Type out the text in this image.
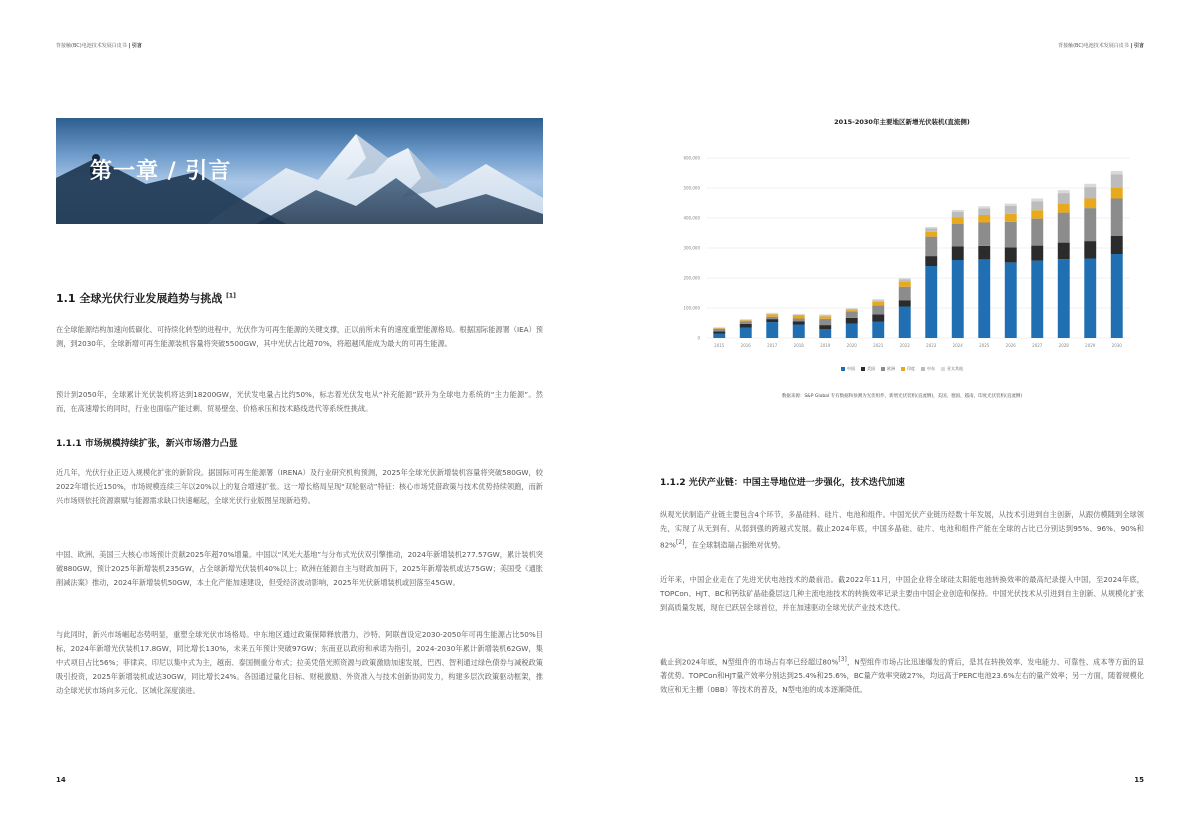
背接触(BC)电池技术发展白皮书 | 引言	背接触(BC)电池技术发展白皮书 | 引言
第一章 / 引言
1.1 全球光伏行业发展趋势与挑战 [1]

在全球能源结构加速向低碳化、可持续化转型的进程中，光伏作为可再生能源的关键支撑，正以前所未有的速度重塑能源格局。根据国际能源署（IEA）预测，到2030年，全球新增可再生能源装机容量将突破5500GW，其中光伏占比超70%，将超越风能成为最大的可再生能源。

预计到2050年，全球累计光伏装机将达到18200GW，光伏发电量占比约50%，标志着光伏发电从“补充能源”跃升为全球电力系统的“主力能源”。然而，在高速增长的同时，行业也面临产能过剩、贸易壁垒、价格承压和技术路线迭代等系统性挑战。

1.1.1 市场规模持续扩张，新兴市场潜力凸显

近几年，光伏行业正迈入规模化扩张的新阶段。据国际可再生能源署（IRENA）及行业研究机构预测，2025年全球光伏新增装机容量将突破580GW，较2022年增长近150%，市场规模连续三年以20%以上的复合增速扩张。这一增长格局呈现“双轮驱动”特征：核心市场凭借政策与技术优势持续领跑，而新兴市场则依托资源禀赋与能源需求缺口快速崛起，全球光伏行业版图呈现新趋势。

中国、欧洲、美国三大核心市场预计贡献2025年超70%增量。中国以“风光大基地”与分布式光伏双引擎推动，2024年新增装机277.57GW，累计装机突破880GW，预计2025年新增装机235GW，占全球新增光伏装机40%以上；欧洲在能源自主与财政加码下，2025年新增装机或达75GW；美国受《通胀削减法案》推动，2024年新增装机50GW，本土化产能加速建设，但受经济波动影响，2025年光伏新增装机或回落至45GW。

与此同时，新兴市场崛起态势明显，重塑全球光伏市场格局。中东地区通过政策保障释放潜力，沙特、阿联酋设定2030-2050年可再生能源占比50%目标，2024年新增光伏装机17.8GW，同比增长130%，未来五年预计突破97GW；东南亚以政府和承诺为指引，2024-2030年累计新增装机62GW，集中式项目占比56%；菲律宾、印尼以集中式为主，越南、泰国侧重分布式；拉美凭借光照资源与政策激励加速发展，巴西、智利通过绿色债券与减税政策吸引投资，2025年新增装机或达30GW，同比增长24%。各国通过量化目标、财税激励、外资准入与技术创新协同发力，构建多层次政策驱动框架，推动全球光伏市场向多元化、区域化深度演进。

14
2015-2030年主要地区新增光伏装机(直流侧)
0
100,000
200,000
300,000
400,000
500,000
600,000
2015	2016	2017	2018	2019	2020	2021	2022	2023	2024	2025	2026	2027	2028	2029	2030
中国	美国	欧洲	印度	中东	亚太其他
数据来源：S&P Global 专有数据和预测为光伏组件，新增光伏装机(直流侧)，美国，德国，越南，印度光伏装机(直流侧)
1.1.2 光伏产业链：中国主导地位进一步强化，技术迭代加速

纵观光伏制造产业链主要包含4个环节，多晶硅料、硅片、电池和组件。中国光伏产业链历经数十年发展，从技术引进到自主创新，从跟仿模随到全球领先，实现了从无到有、从弱到强的跨越式发展。截止2024年底，中国多晶硅、硅片、电池和组件产能在全球的占比已分别达到95%、96%、90%和82%[2]，在全球制造端占据绝对优势。

近年来，中国企业走在了先进光伏电池技术的最前沿。截2022年11月，中国企业将全球硅太阳能电池转换效率的最高纪录提入中国，至2024年底，TOPCon、HJT、BC和钙钛矿晶硅叠层这几种主流电池技术的转换效率记录主要由中国企业创造和保持。中国光伏技术从引进到自主创新、从规模化扩张到高质量发展，现在已跃居全球首位，并在加速驱动全球光伏产业技术迭代。

截止到2024年底，N型组件的市场占有率已经超过80%[3]，N型组件市场占比迅速爆发的背后，是其在转换效率、发电能力、可靠性、成本等方面的显著优势。TOPCon和HJT量产效率分别达到25.4%和25.6%，BC量产效率突破27%，均远高于PERC电池23.6%左右的量产效率；另一方面，随着规模化效应和无主栅（0BB）等技术的普及，N型电池的成本逐渐降低。

15
